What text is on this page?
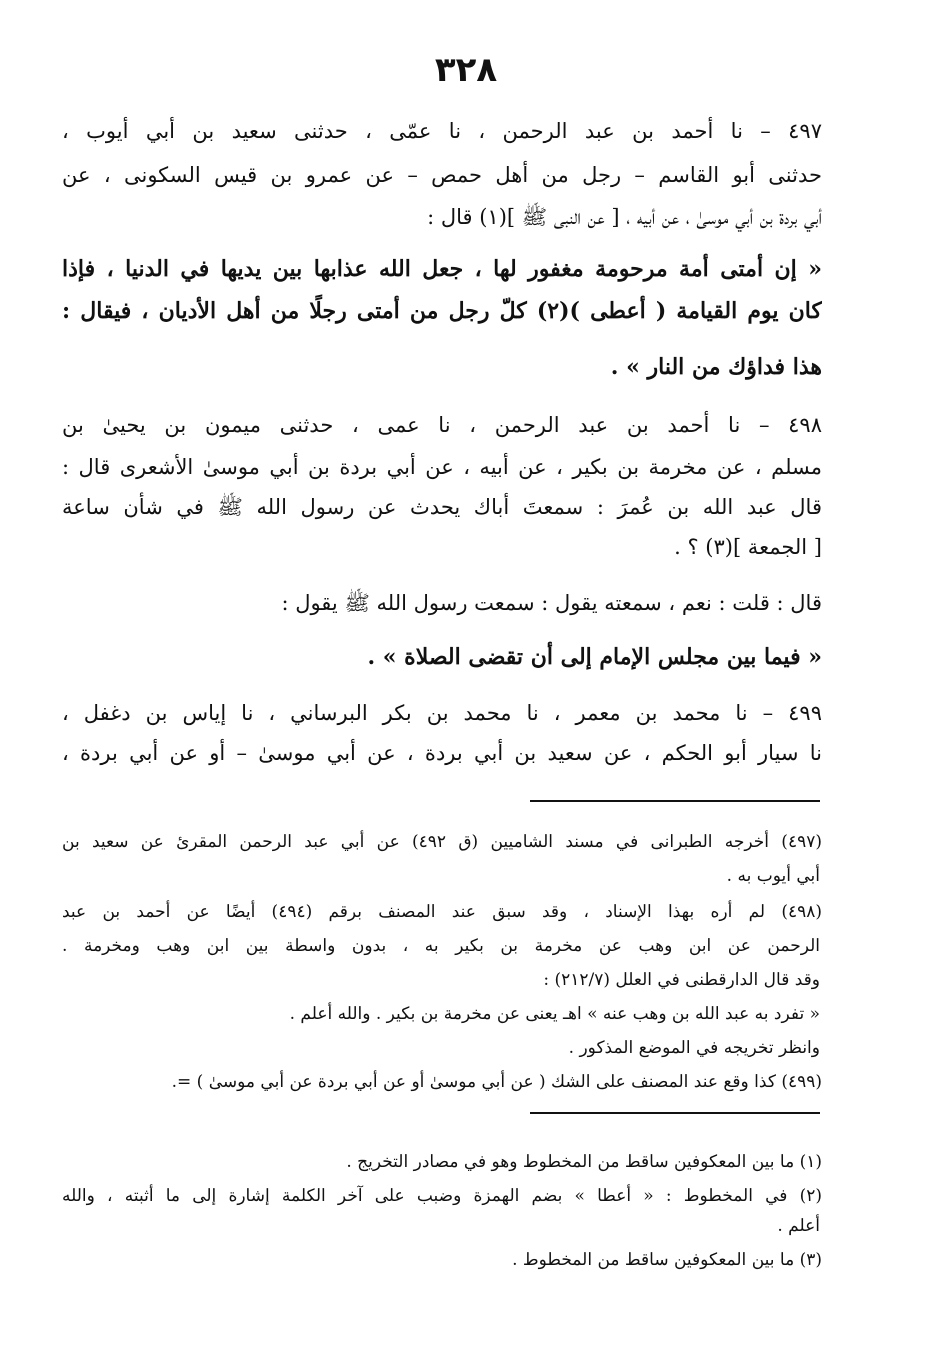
٣٢٨
٤٩٧ – نا أحمد بن عبد الرحمن ، نا عمّى ، حدثنى سعيد بن أبي أيوب ،
حدثنى أبو القاسم – رجل من أهل حمص – عن عمرو بن قيس السكونى ، عن
أبي بردة بن أبي موسىٰ ، عن أبيه ، [ عن النبى ﷺ ](١) قال :
« إن أمتى أمة مرحومة مغفور لها ، جعل الله عذابها بين يديها في الدنيا ، فإذا
كان يوم القيامة ( أعطى )(٢) كلّ رجل من أمتى رجلًا من أهل الأديان ، فيقال :
هذا فداؤك من النار » .
٤٩٨ – نا أحمد بن عبد الرحمن ، نا عمى ، حدثنى ميمون بن يحيىٰ بن
مسلم ، عن مخرمة بن بكير ، عن أبيه ، عن أبي بردة بن أبي موسىٰ الأشعرى قال :
قال عبد الله بن عُمرَ : سمعتَ أباك يحدث عن رسول الله ﷺ في شأن ساعة
[ الجمعة ](٣) ؟ .
قال : قلت : نعم ، سمعته يقول : سمعت رسول الله ﷺ يقول :
« فيما بين مجلس الإمام إلى أن تقضى الصلاة » .
٤٩٩ – نا محمد بن معمر ، نا محمد بن بكر البرساني ، نا إياس بن دغفل ،
نا سيار أبو الحكم ، عن سعيد بن أبي بردة ، عن أبي موسىٰ – أو عن أبي بردة ،
(٤٩٧) أخرجه الطبرانى في مسند الشاميين (ق ٤٩٢) عن أبي عبد الرحمن المقرئ عن سعيد بن
أبي أيوب به .
(٤٩٨) لم أره بهذا الإسناد ، وقد سبق عند المصنف برقم (٤٩٤) أيضًا عن أحمد بن عبد
الرحمن عن ابن وهب عن مخرمة بن بكير به ، بدون واسطة بين ابن وهب ومخرمة .
وقد قال الدارقطنى في العلل (٢١٢/٧) :
« تفرد به عبد الله بن وهب عنه » اهـ يعنى عن مخرمة بن بكير . والله أعلم .
وانظر تخريجه في الموضع المذكور .
(٤٩٩) كذا وقع عند المصنف على الشك ( عن أبي موسىٰ أو عن أبي بردة عن أبي موسىٰ ) =.
(١) ما بين المعكوفين ساقط من المخطوط وهو في مصادر التخريج .
(٢) في المخطوط : « أعطا » بضم الهمزة وضبب على آخر الكلمة إشارة إلى ما أثبته ، والله
أعلم .
(٣) ما بين المعكوفين ساقط من المخطوط .
